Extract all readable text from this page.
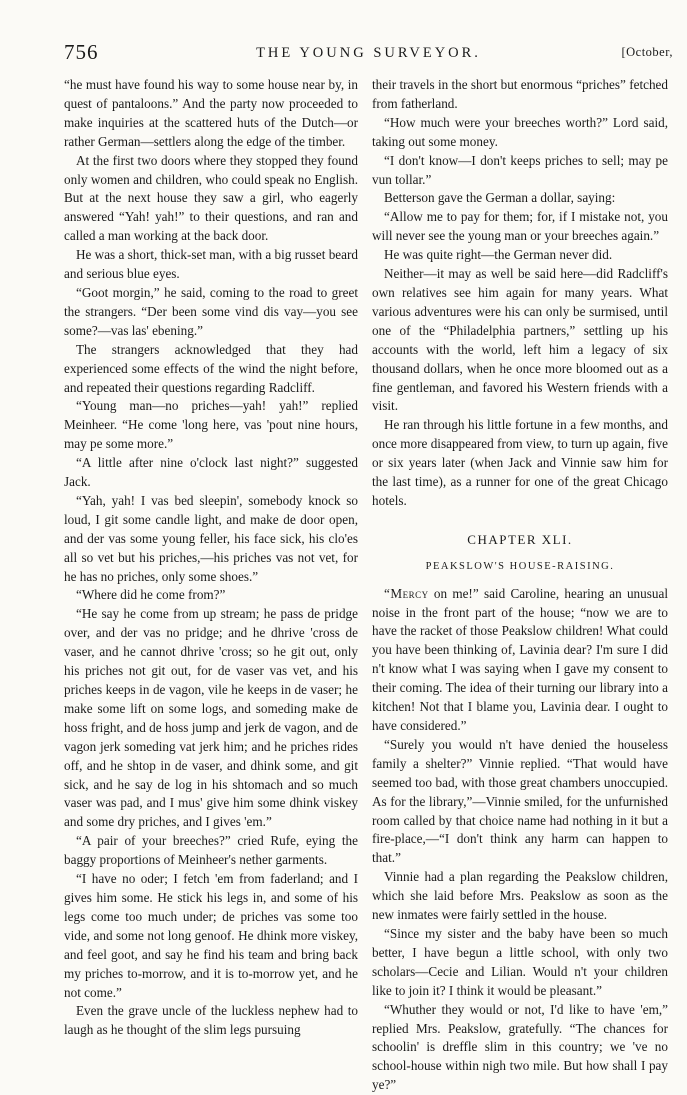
756	THE YOUNG SURVEYOR.	[October,

“he must have found his way to some house near by, in quest of pantaloons.” And the party now proceeded to make inquiries at the scattered huts of the Dutch—or rather German—settlers along the edge of the timber.

At the first two doors where they stopped they found only women and children, who could speak no English. But at the next house they saw a girl, who eagerly answered “Yah! yah!” to their questions, and ran and called a man working at the back door.

He was a short, thick-set man, with a big russet beard and serious blue eyes.

“Goot morgin,” he said, coming to the road to greet the strangers. “Der been some vind dis vay—you see some?—vas las' ebening.”

The strangers acknowledged that they had experienced some effects of the wind the night before, and repeated their questions regarding Radcliff.

“Young man—no priches—yah! yah!” replied Meinheer. “He come 'long here, vas 'pout nine hours, may pe some more.”

“A little after nine o'clock last night?” suggested Jack.

“Yah, yah! I vas bed sleepin', somebody knock so loud, I git some candle light, and make de door open, and der vas some young feller, his face sick, his clo'es all so vet but his priches,—his priches vas not vet, for he has no priches, only some shoes.”

“Where did he come from?”

“He say he come from up stream; he pass de pridge over, and der vas no pridge; and he dhrive 'cross de vaser, and he cannot dhrive 'cross; so he git out, only his priches not git out, for de vaser vas vet, and his priches keeps in de vagon, vile he keeps in de vaser; he make some lift on some logs, and someding make de hoss fright, and de hoss jump and jerk de vagon, and de vagon jerk someding vat jerk him; and he priches rides off, and he shtop in de vaser, and dhink some, and git sick, and he say de log in his shtomach and so much vaser was pad, and I mus' give him some dhink viskey and some dry priches, and I gives 'em.”

“A pair of your breeches?” cried Rufe, eying the baggy proportions of Meinheer's nether garments.

“I have no oder; I fetch 'em from faderland; and I gives him some. He stick his legs in, and some of his legs come too much under; de priches vas some too vide, and some not long genoof. He dhink more viskey, and feel goot, and say he find his team and bring back my priches to-morrow, and it is to-morrow yet, and he not come.”

Even the grave uncle of the luckless nephew had to laugh as he thought of the slim legs pursuing

their travels in the short but enormous “priches” fetched from fatherland.

“How much were your breeches worth?” Lord said, taking out some money.

“I don't know—I don't keeps priches to sell; may pe vun tollar.”

Betterson gave the German a dollar, saying:

“Allow me to pay for them; for, if I mistake not, you will never see the young man or your breeches again.”

He was quite right—the German never did.

Neither—it may as well be said here—did Radcliff's own relatives see him again for many years. What various adventures were his can only be surmised, until one of the “Philadelphia partners,” settling up his accounts with the world, left him a legacy of six thousand dollars, when he once more bloomed out as a fine gentleman, and favored his Western friends with a visit.

He ran through his little fortune in a few months, and once more disappeared from view, to turn up again, five or six years later (when Jack and Vinnie saw him for the last time), as a runner for one of the great Chicago hotels.

CHAPTER XLI.
PEAKSLOW'S HOUSE-RAISING.

“Mercy on me!” said Caroline, hearing an unusual noise in the front part of the house; “now we are to have the racket of those Peakslow children! What could you have been thinking of, Lavinia dear? I'm sure I did n't know what I was saying when I gave my consent to their coming. The idea of their turning our library into a kitchen! Not that I blame you, Lavinia dear. I ought to have considered.”

“Surely you would n't have denied the houseless family a shelter?” Vinnie replied. “That would have seemed too bad, with those great chambers unoccupied. As for the library,”—Vinnie smiled, for the unfurnished room called by that choice name had nothing in it but a fire-place,—“I don't think any harm can happen to that.”

Vinnie had a plan regarding the Peakslow children, which she laid before Mrs. Peakslow as soon as the new inmates were fairly settled in the house.

“Since my sister and the baby have been so much better, I have begun a little school, with only two scholars—Cecie and Lilian. Would n't your children like to join it? I think it would be pleasant.”

“Whuther they would or not, I'd like to have 'em,” replied Mrs. Peakslow, gratefully. “The chances for schoolin' is dreffle slim in this country; we 've no school-house within nigh two mile. But how shall I pay ye?”
